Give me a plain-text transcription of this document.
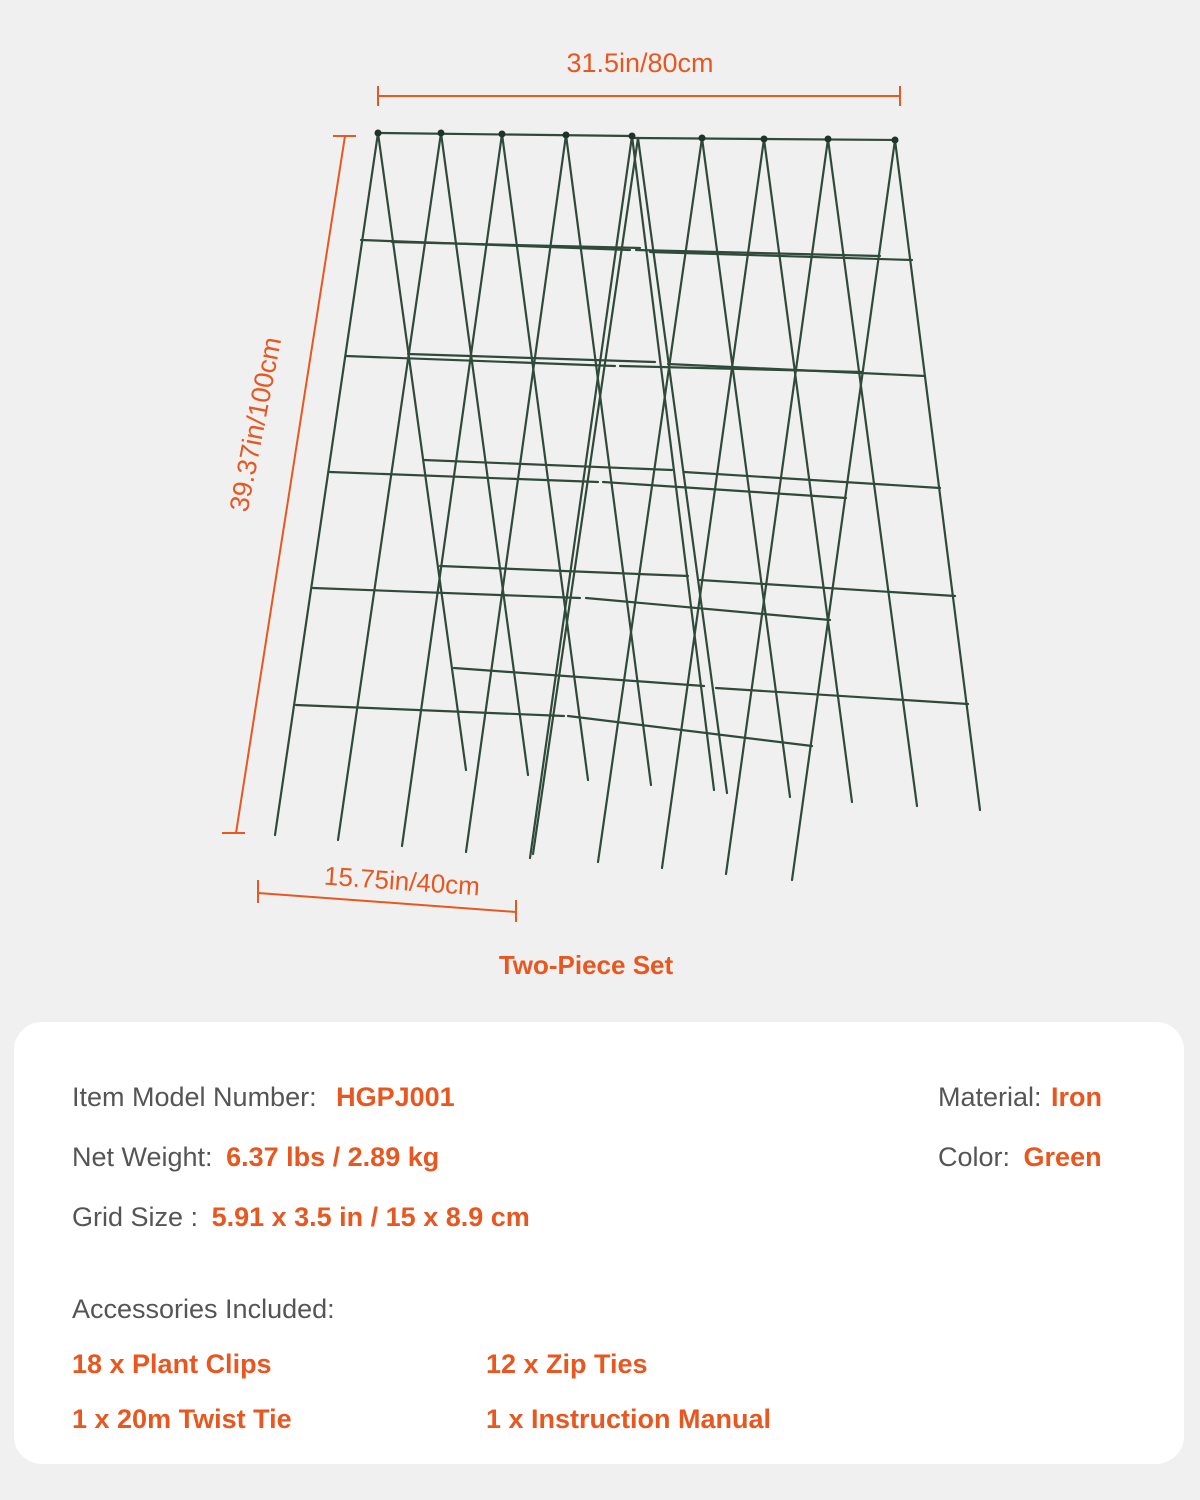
31.5in/80cm
39.37in/100cm
15.75in/40cm
Two-Piece Set
Item Model Number: HGPJ001
Net Weight: 6.37 lbs / 2.89 kg
Grid Size : 5.91 x 3.5 in / 15 x 8.9 cm
Material: Iron
Color: Green
Accessories Included:
18 x Plant Clips	12 x Zip Ties
1 x 20m Twist Tie	1 x Instruction Manual
